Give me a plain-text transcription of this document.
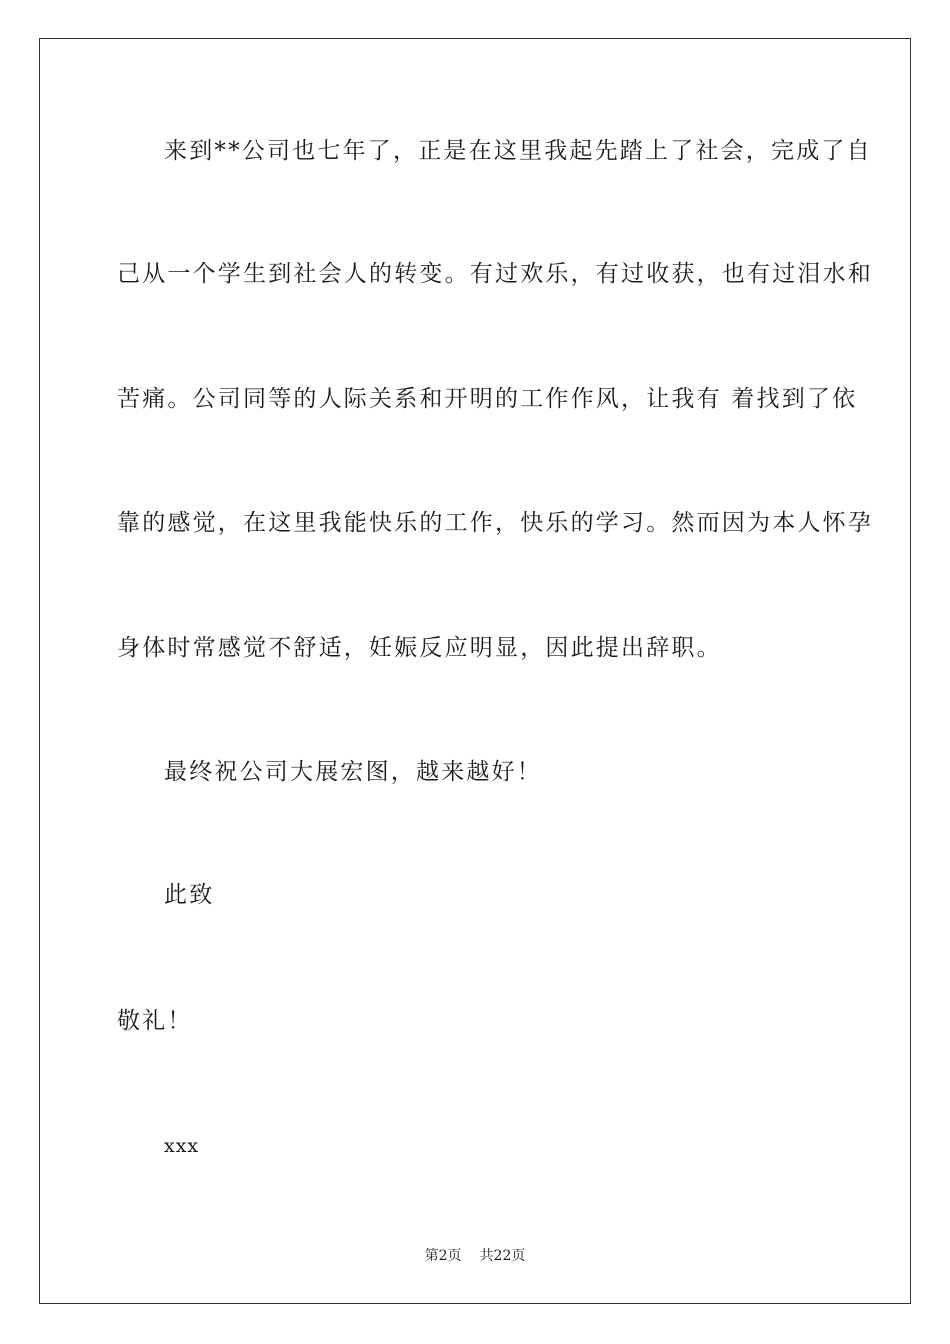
来到**公司也七年了，正是在这里我起先踏上了社会，完成了自
己从一个学生到社会人的转变。有过欢乐，有过收获，也有过泪水和
苦痛。公司同等的人际关系和开明的工作作风，让我有 着找到了依
靠的感觉，在这里我能快乐的工作，快乐的学习。然而因为本人怀孕
身体时常感觉不舒适，妊娠反应明显，因此提出辞职。
最终祝公司大展宏图，越来越好！
此致
敬礼！
xxx
第2页 共22页
